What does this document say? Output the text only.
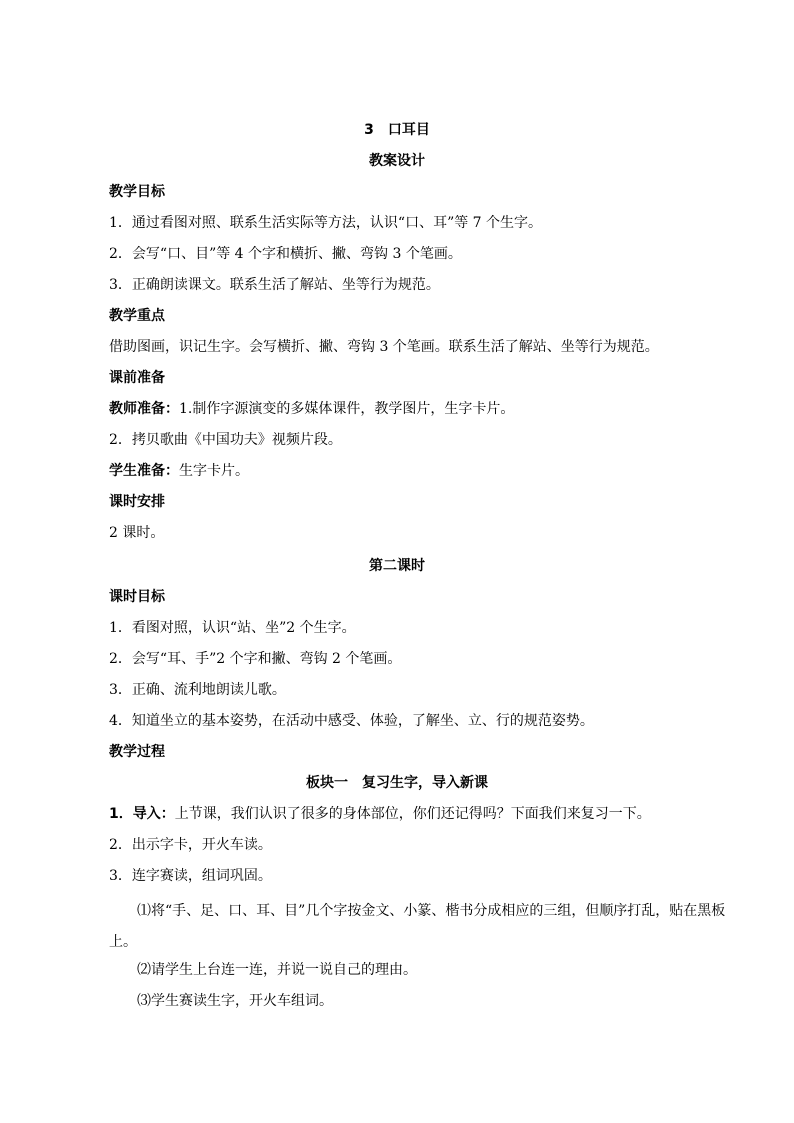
3　口耳目
教案设计
教学目标
1．通过看图对照、联系生活实际等方法，认识“口、耳”等 7 个生字。
2．会写“口、目”等 4 个字和横折、撇、弯钩 3 个笔画。
3．正确朗读课文。联系生活了解站、坐等行为规范。
教学重点
借助图画，识记生字。会写横折、撇、弯钩 3 个笔画。联系生活了解站、坐等行为规范。
课前准备
教师准备：1.制作字源演变的多媒体课件，教学图片，生字卡片。
2．拷贝歌曲《中国功夫》视频片段。
学生准备：生字卡片。
课时安排
2 课时。
第二课时
课时目标
1．看图对照，认识“站、坐”2 个生字。
2．会写“耳、手”2 个字和撇、弯钩 2 个笔画。
3．正确、流利地朗读儿歌。
4．知道坐立的基本姿势，在活动中感受、体验，了解坐、立、行的规范姿势。
教学过程
板块一　复习生字，导入新课
1．导入：上节课，我们认识了很多的身体部位，你们还记得吗？下面我们来复习一下。
2．出示字卡，开火车读。
3．连字赛读，组词巩固。
⑴将“手、足、口、耳、目”几个字按金文、小篆、楷书分成相应的三组，但顺序打乱，贴在黑板上。
⑵请学生上台连一连，并说一说自己的理由。
⑶学生赛读生字，开火车组词。
